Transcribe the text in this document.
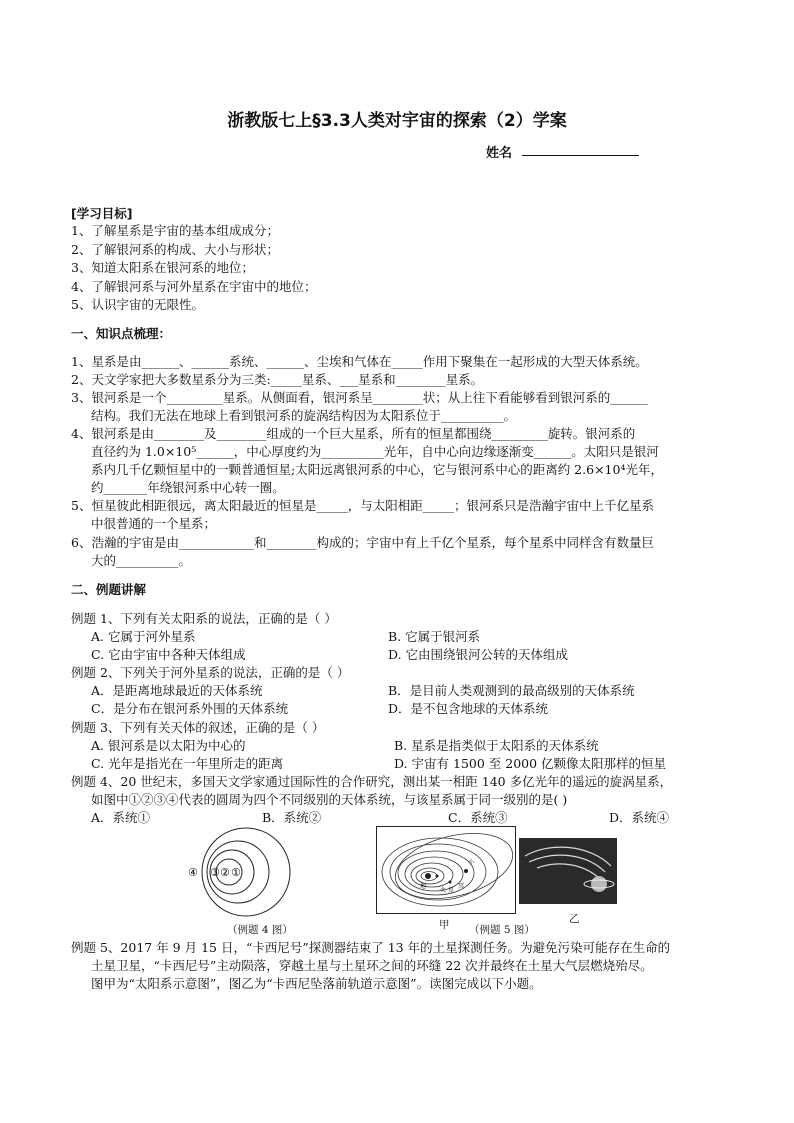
浙教版七上§3.3人类对宇宙的探索（2）学案
姓名
[学习目标]
1、了解星系是宇宙的基本组成成分；
2、了解银河系的构成、大小与形状；
3、知道太阳系在银河系的地位；
4、了解银河系与河外星系在宇宙中的地位；
5、认识宇宙的无限性。
一、知识点梳理：
1、星系是由______、______系统、______、尘埃和气体在_____作用下聚集在一起形成的大型天体系统。
2、天文学家把大多数星系分为三类:_____星系、___星系和________星系。
3、银河系是一个_________星系。从侧面看，银河系呈________状；从上往下看能够看到银河系的______
结构。我们无法在地球上看到银河系的旋涡结构因为太阳系位于__________。
4、银河系是由________及________组成的一个巨大星系，所有的恒星都围绕_________旋转。银河系的
直径约为 1.0×10⁵______，中心厚度约为__________光年，自中心向边缘逐渐变______。太阳只是银河
系内几千亿颗恒星中的一颗普通恒星;太阳远离银河系的中心，它与银河系中心的距离约 2.6×10⁴光年，
约_______年绕银河系中心转一圈。
5、恒星彼此相距很远，离太阳最近的恒星是_____，与太阳相距_____；银河系只是浩瀚宇宙中上千亿星系
中很普通的一个星系；
6、浩瀚的宇宙是由____________和________构成的；宇宙中有上千亿个星系，每个星系中同样含有数量巨
大的__________。
二、例题讲解
例题 1、下列有关太阳系的说法，正确的是（ ）
A. 它属于河外星系	B. 它属于银河系
C. 它由宇宙中各种天体组成	D. 它由围绕银河公转的天体组成
例题 2、下列关于河外星系的说法，正确的是（ ）
A．是距离地球最近的天体系统	B．是目前人类观测到的最高级别的天体系统
C．是分布在银河系外围的天体系统	D．是不包含地球的天体系统
例题 3、下列有关天体的叙述，正确的是（ ）
A. 银河系是以太阳为中心的	B. 星系是指类似于太阳系的天体系统
C. 光年是指光在一年里所走的距离	D. 宇宙有 1500 至 2000 亿颗像太阳那样的恒星
例题 4、20 世纪末，多国天文学家通过国际性的合作研究，测出某一相距 140 多亿光年的遥远的旋涡星系，
如图中①②③④代表的圆周为四个不同级别的天体系统，与该星系属于同一级别的是( )
A．系统①	B．系统②	C．系统③	D．系统④
④ ③ ② ①
（例题 4 图）
地
火 星
冥
小
甲 （例题 5 图）
乙
例题 5、2017 年 9 月 15 日，“卡西尼号”探测器结束了 13 年的土星探测任务。为避免污染可能存在生命的
土星卫星，“卡西尼号”主动陨落，穿越土星与土星环之间的环缝 22 次并最终在土星大气层燃烧殆尽。
图甲为“太阳系示意图”，图乙为“卡西尼坠落前轨道示意图”。读图完成以下小题。
